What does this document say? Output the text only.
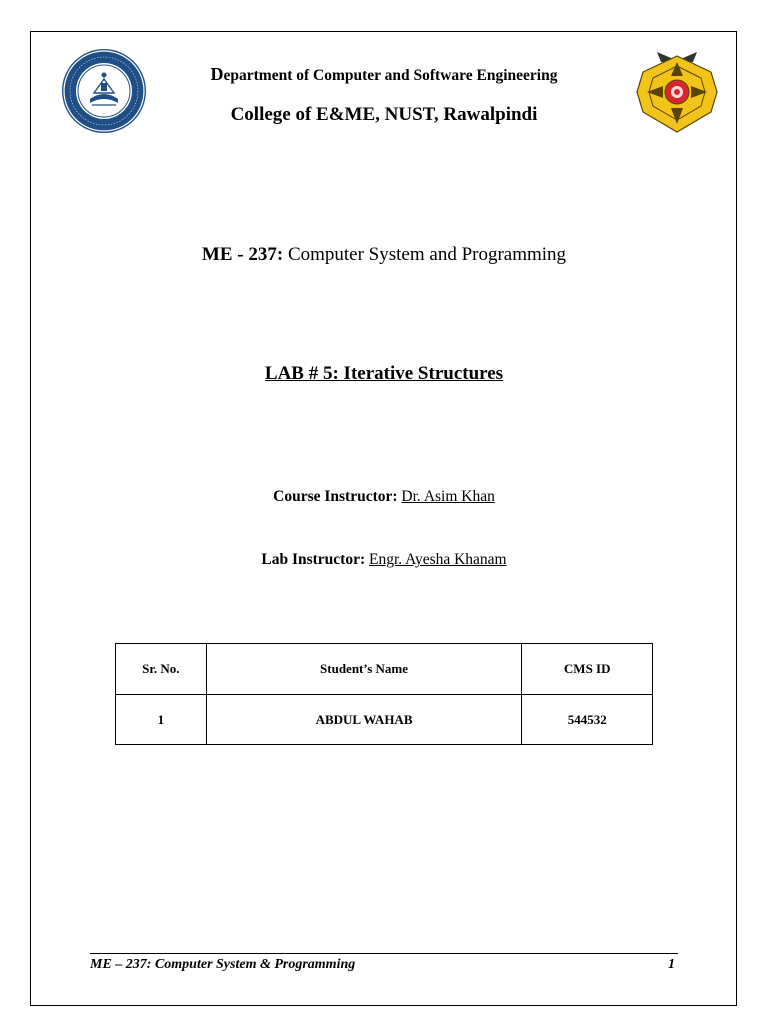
Department of Computer and Software Engineering
College of E&ME, NUST, Rawalpindi
ME - 237: Computer System and Programming
LAB # 5: Iterative Structures
Course Instructor: Dr. Asim Khan
Lab Instructor: Engr. Ayesha Khanam
Sr. No.	Student’s Name	CMS ID
1	ABDUL WAHAB	544532
ME – 237: Computer System & Programming	1
